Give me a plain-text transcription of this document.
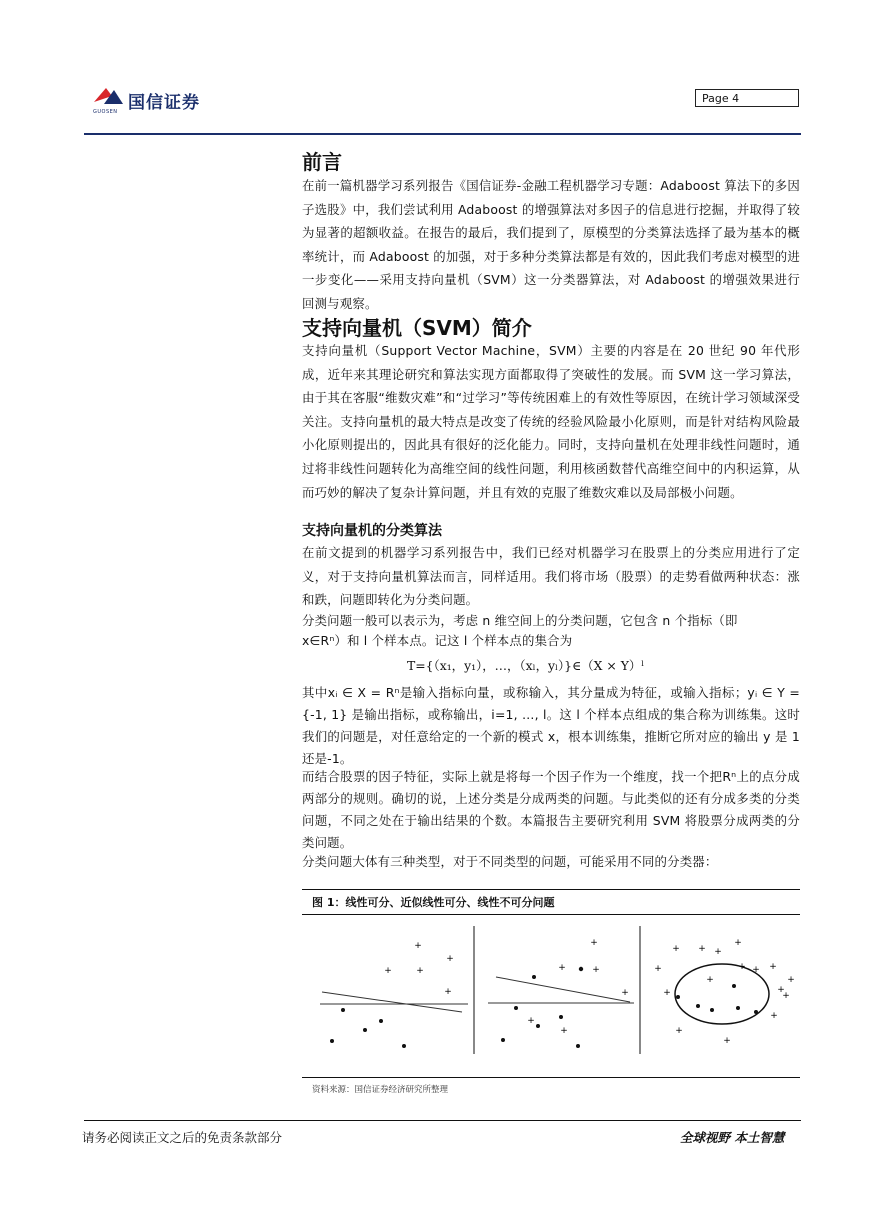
国信证券
GUOSEN
Page 4
前言
在前一篇机器学习系列报告《国信证券-金融工程机器学习专题：Adaboost 算法下的多因子选股》中，我们尝试利用 Adaboost 的增强算法对多因子的信息进行挖掘，并取得了较为显著的超额收益。在报告的最后，我们提到了，原模型的分类算法选择了最为基本的概率统计，而 Adaboost 的加强，对于多种分类算法都是有效的，因此我们考虑对模型的进一步变化——采用支持向量机（SVM）这一分类器算法，对 Adaboost 的增强效果进行回测与观察。
支持向量机（SVM）简介
支持向量机（Support Vector Machine，SVM）主要的内容是在 20 世纪 90 年代形成，近年来其理论研究和算法实现方面都取得了突破性的发展。而 SVM 这一学习算法，由于其在客服“维数灾难”和“过学习”等传统困难上的有效性等原因，在统计学习领域深受关注。支持向量机的最大特点是改变了传统的经验风险最小化原则，而是针对结构风险最小化原则提出的，因此具有很好的泛化能力。同时，支持向量机在处理非线性问题时，通过将非线性问题转化为高维空间的线性问题，利用核函数替代高维空间中的内积运算，从而巧妙的解决了复杂计算问题，并且有效的克服了维数灾难以及局部极小问题。
支持向量机的分类算法
在前文提到的机器学习系列报告中，我们已经对机器学习在股票上的分类应用进行了定义，对于支持向量机算法而言，同样适用。我们将市场（股票）的走势看做两种状态：涨和跌，问题即转化为分类问题。
分类问题一般可以表示为，考虑 n 维空间上的分类问题，它包含 n 个指标（即
x∈Rⁿ）和 l 个样本点。记这 l 个样本点的集合为
T={（x₁，y₁），…，（xₗ，yₗ）}∈（X × Y）ˡ
其中xᵢ ∈ X = Rⁿ是输入指标向量，或称输入，其分量成为特征，或输入指标；yᵢ ∈ Y = {-1, 1} 是输出指标，或称输出，i=1, …, l。这 l 个样本点组成的集合称为训练集。这时我们的问题是，对任意给定的一个新的模式 x，根本训练集，推断它所对应的输出 y 是 1 还是-1。
而结合股票的因子特征，实际上就是将每一个因子作为一个维度，找一个把Rⁿ上的点分成两部分的规则。确切的说，上述分类是分成两类的问题。与此类似的还有分成多类的分类问题，不同之处在于输出结果的个数。本篇报告主要研究利用 SVM 将股票分成两类的分类问题。
分类问题大体有三种类型，对于不同类型的问题，可能采用不同的分类器：
图 1：线性可分、近似线性可分、线性不可分问题
+
+
+	+
+
+
+	+
+
+
+
+
+ + +
+	+
+
+	+
+
+
+
+
+
+
+
资料来源：国信证券经济研究所整理
请务必阅读正文之后的免责条款部分	全球视野 本土智慧
